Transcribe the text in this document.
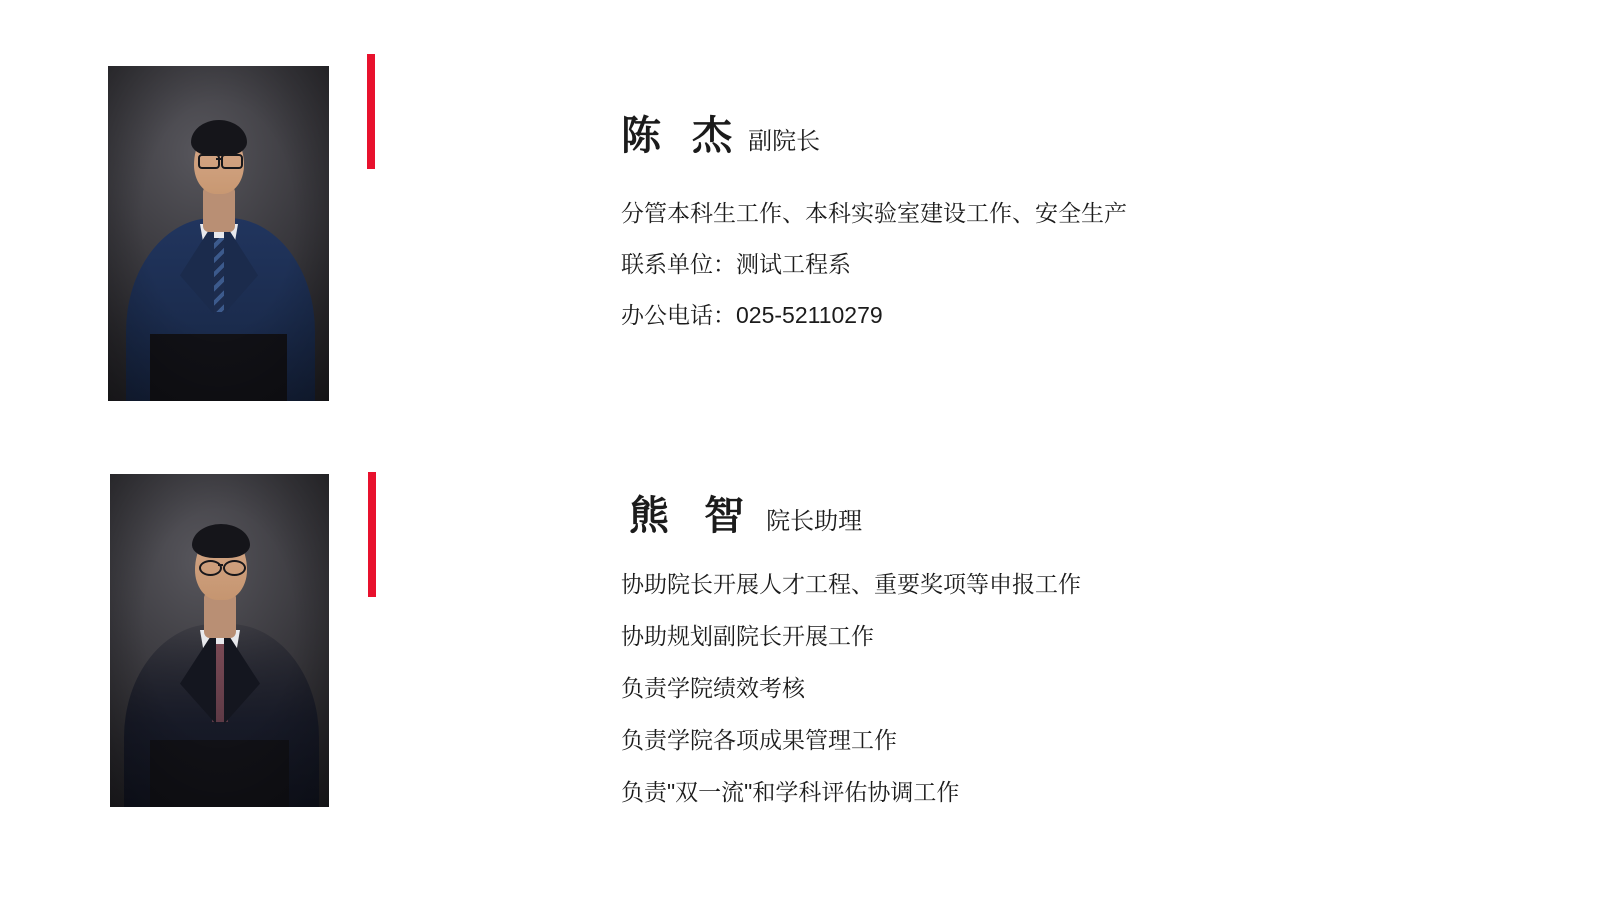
陈 杰 副院长
分管本科生工作、本科实验室建设工作、安全生产
联系单位：测试工程系
办公电话：025-52110279
熊 智 院长助理
协助院长开展人才工程、重要奖项等申报工作
协助规划副院长开展工作
负责学院绩效考核
负责学院各项成果管理工作
负责"双一流"和学科评佑协调工作
